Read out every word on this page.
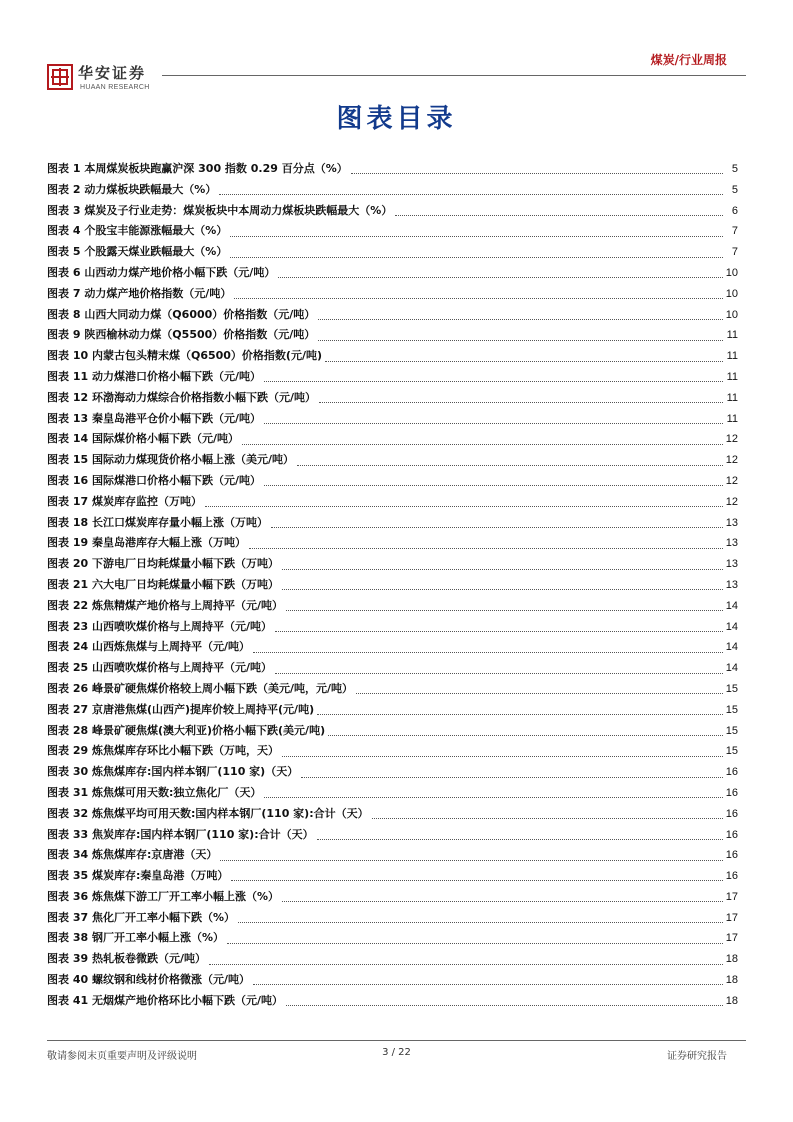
华安证券
HUAAN RESEARCH
煤炭/行业周报
图表目录
图表 1 本周煤炭板块跑赢沪深 300 指数 0.29 百分点（%）	5
图表 2 动力煤板块跌幅最大（%）	5
图表 3 煤炭及子行业走势：煤炭板块中本周动力煤板块跌幅最大（%）	6
图表 4 个股宝丰能源涨幅最大（%）	7
图表 5 个股露天煤业跌幅最大（%）	7
图表 6 山西动力煤产地价格小幅下跌（元/吨）	10
图表 7 动力煤产地价格指数（元/吨）	10
图表 8 山西大同动力煤（Q6000）价格指数（元/吨）	10
图表 9 陕西榆林动力煤（Q5500）价格指数（元/吨）	11
图表 10 内蒙古包头精末煤（Q6500）价格指数(元/吨)	11
图表 11 动力煤港口价格小幅下跌（元/吨）	11
图表 12 环渤海动力煤综合价格指数小幅下跌（元/吨）	11
图表 13 秦皇岛港平仓价小幅下跌（元/吨）	11
图表 14 国际煤价格小幅下跌（元/吨）	12
图表 15 国际动力煤现货价格小幅上涨（美元/吨）	12
图表 16 国际煤港口价格小幅下跌（元/吨）	12
图表 17 煤炭库存监控（万吨）	12
图表 18 长江口煤炭库存量小幅上涨（万吨）	13
图表 19 秦皇岛港库存大幅上涨（万吨）	13
图表 20 下游电厂日均耗煤量小幅下跌（万吨）	13
图表 21 六大电厂日均耗煤量小幅下跌（万吨）	13
图表 22 炼焦精煤产地价格与上周持平（元/吨）	14
图表 23 山西喷吹煤价格与上周持平（元/吨）	14
图表 24 山西炼焦煤与上周持平（元/吨）	14
图表 25 山西喷吹煤价格与上周持平（元/吨）	14
图表 26 峰景矿硬焦煤价格较上周小幅下跌（美元/吨，元/吨）	15
图表 27 京唐港焦煤(山西产)提库价较上周持平(元/吨)	15
图表 28 峰景矿硬焦煤(澳大利亚)价格小幅下跌(美元/吨)	15
图表 29 炼焦煤库存环比小幅下跌（万吨，天）	15
图表 30 炼焦煤库存:国内样本钢厂(110 家)（天）	16
图表 31 炼焦煤可用天数:独立焦化厂（天）	16
图表 32 炼焦煤平均可用天数:国内样本钢厂(110 家):合计（天）	16
图表 33 焦炭库存:国内样本钢厂(110 家):合计（天）	16
图表 34 炼焦煤库存:京唐港（天）	16
图表 35 煤炭库存:秦皇岛港（万吨）	16
图表 36 炼焦煤下游工厂开工率小幅上涨（%）	17
图表 37 焦化厂开工率小幅下跌（%）	17
图表 38 钢厂开工率小幅上涨（%）	17
图表 39 热轧板卷微跌（元/吨）	18
图表 40 螺纹钢和线材价格微涨（元/吨）	18
图表 41 无烟煤产地价格环比小幅下跌（元/吨）	18
敬请参阅末页重要声明及评级说明	3 / 22	证券研究报告
